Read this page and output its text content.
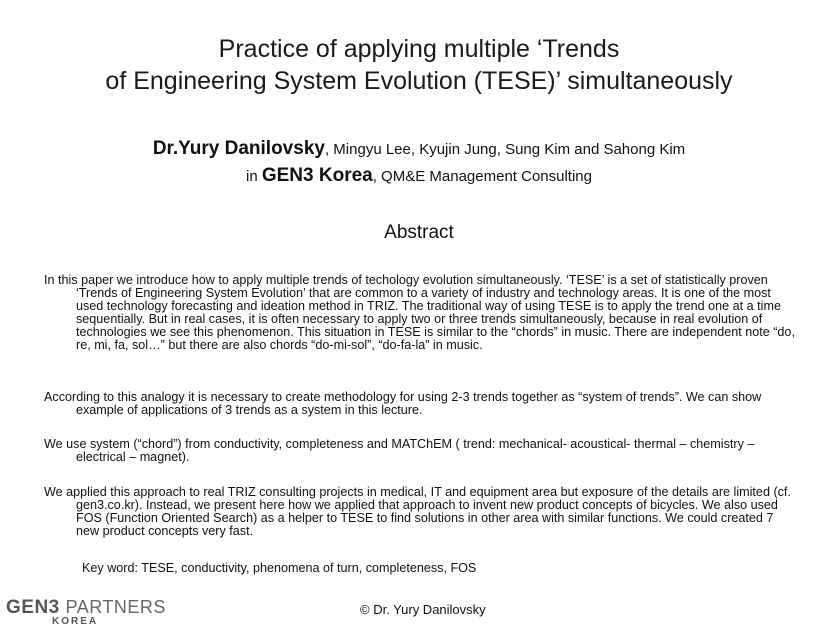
Practice of applying multiple ‘Trends
of Engineering System Evolution (TESE)’ simultaneously
Dr.Yury Danilovsky, Mingyu Lee, Kyujin Jung, Sung Kim and Sahong Kim
in GEN3 Korea, QM&E Management Consulting
Abstract
In this paper we introduce how to apply multiple trends of techology evolution simultaneously. ‘TESE’ is a set of statistically proven ‘Trends of Engineering System Evolution’ that are common to a variety of industry and technology areas. It is one of the most used technology forecasting and ideation method in TRIZ. The traditional way of using TESE is to apply the trend one at a time sequentially. But in real cases, it is often necessary to apply two or three trends simultaneously, because in real evolution of technologies we see this phenomenon. This situation in TESE is similar to the “chords” in music. There are independent note “do, re, mi, fa, sol…” but there are also chords “do-mi-sol”, “do-fa-la” in music.
According to this analogy it is necessary to create methodology for using 2-3 trends together as “system of trends”. We can show example of applications of 3 trends as a system in this lecture.
We use system (“chord”) from conductivity, completeness and MATChEM ( trend: mechanical- acoustical- thermal – chemistry – electrical – magnet).
We applied this approach to real TRIZ consulting projects in medical, IT and equipment area but exposure of the details are limited (cf. gen3.co.kr). Instead, we present here how we applied that approach to invent new product concepts of bicycles. We also used FOS (Function Oriented Search) as a helper to TESE to find solutions in other area with similar functions. We could created 7 new product concepts very fast.
Key word: TESE, conductivity, phenomena of turn, completeness, FOS
GEN3 PARTNERS
KOREA
© Dr. Yury Danilovsky
